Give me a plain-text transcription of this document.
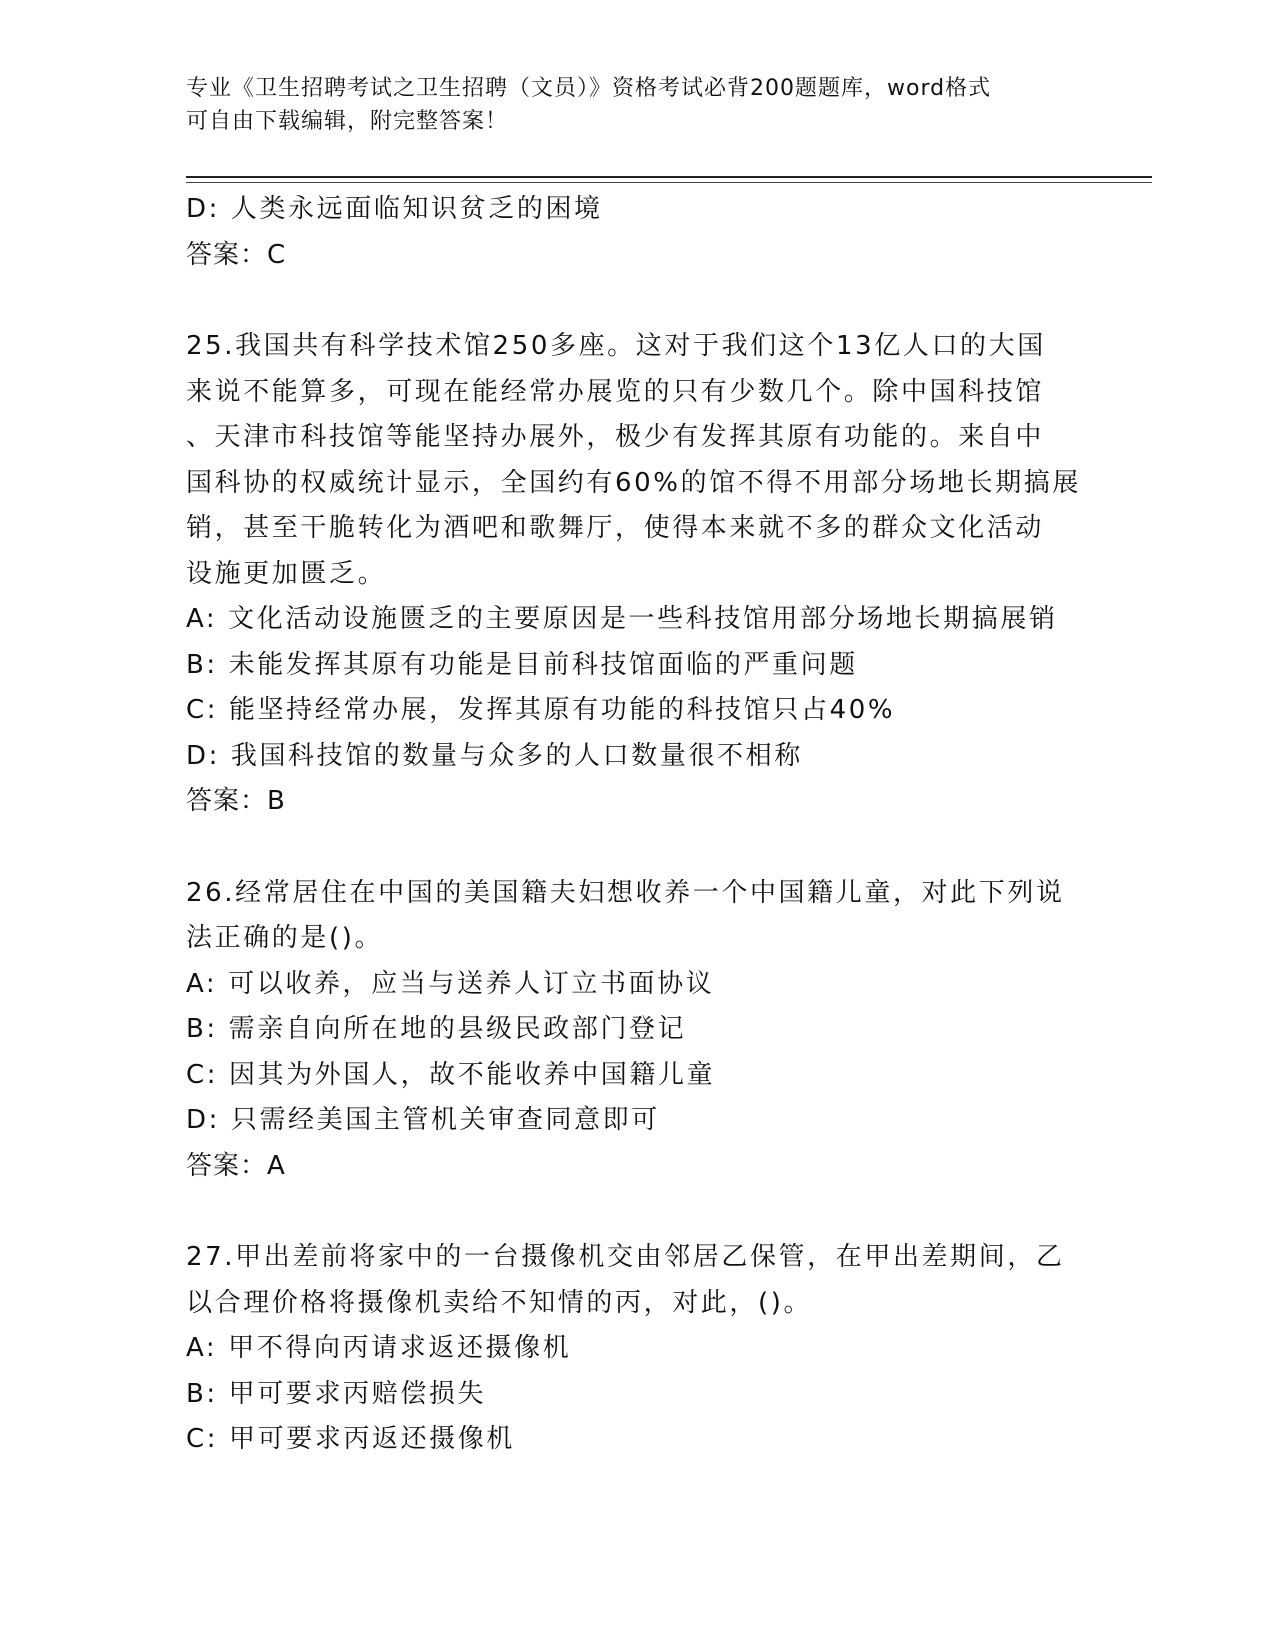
专业《卫生招聘考试之卫生招聘（文员）》资格考试必背200题题库，word格式
可自由下载编辑，附完整答案！
D: 人类永远面临知识贫乏的困境
答案：C
25.我国共有科学技术馆250多座。这对于我们这个13亿人口的大国
来说不能算多，可现在能经常办展览的只有少数几个。除中国科技馆
、天津市科技馆等能坚持办展外，极少有发挥其原有功能的。来自中
国科协的权威统计显示，全国约有60%的馆不得不用部分场地长期搞展
销，甚至干脆转化为酒吧和歌舞厅，使得本来就不多的群众文化活动
设施更加匮乏。
A: 文化活动设施匮乏的主要原因是一些科技馆用部分场地长期搞展销
B: 未能发挥其原有功能是目前科技馆面临的严重问题
C: 能坚持经常办展，发挥其原有功能的科技馆只占40%
D: 我国科技馆的数量与众多的人口数量很不相称
答案：B
26.经常居住在中国的美国籍夫妇想收养一个中国籍儿童，对此下列说
法正确的是()。
A: 可以收养，应当与送养人订立书面协议
B: 需亲自向所在地的县级民政部门登记
C: 因其为外国人，故不能收养中国籍儿童
D: 只需经美国主管机关审查同意即可
答案：A
27.甲出差前将家中的一台摄像机交由邻居乙保管，在甲出差期间，乙
以合理价格将摄像机卖给不知情的丙，对此，()。
A: 甲不得向丙请求返还摄像机
B: 甲可要求丙赔偿损失
C: 甲可要求丙返还摄像机
